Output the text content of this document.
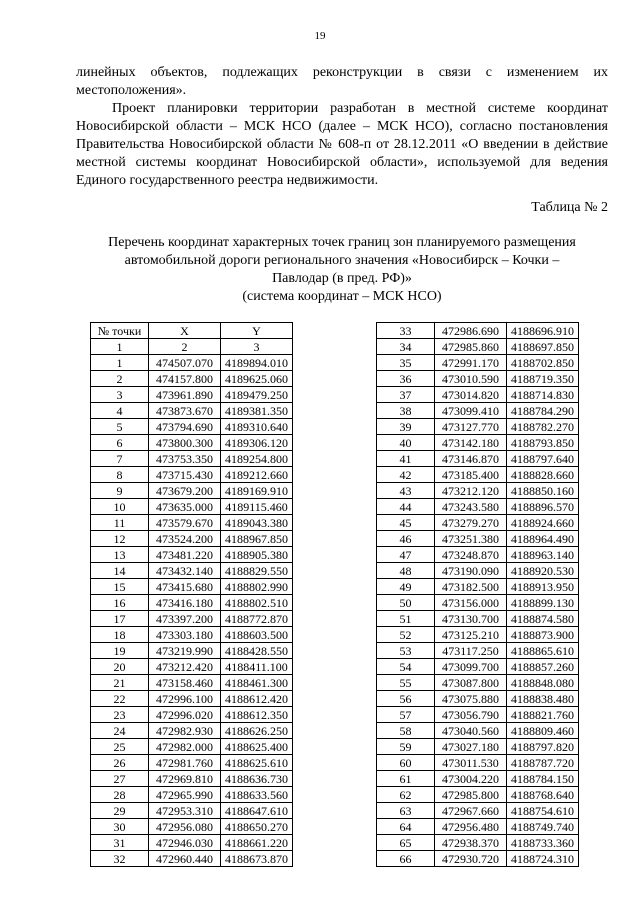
19

линейных объектов, подлежащих реконструкции в связи с изменением их местоположения».

Проект планировки территории разработан в местной системе координат Новосибирской области – МСК НСО (далее – МСК НСО), согласно постановления Правительства Новосибирской области № 608-п от 28.12.2011 «О введении в действие местной системы координат Новосибирской области», используемой для ведения Единого государственного реестра недвижимости.

Таблица № 2
Перечень координат характерных точек границ зон планируемого размещения
автомобильной дороги регионального значения «Новосибирск – Кочки –
Павлодар (в пред. РФ)»
(система координат – МСК НСО)
№ точки	X	Y
1	2	3
1	474507.070	4189894.010
2	474157.800	4189625.060
3	473961.890	4189479.250
4	473873.670	4189381.350
5	473794.690	4189310.640
6	473800.300	4189306.120
7	473753.350	4189254.800
8	473715.430	4189212.660
9	473679.200	4189169.910
10	473635.000	4189115.460
11	473579.670	4189043.380
12	473524.200	4188967.850
13	473481.220	4188905.380
14	473432.140	4188829.550
15	473415.680	4188802.990
16	473416.180	4188802.510
17	473397.200	4188772.870
18	473303.180	4188603.500
19	473219.990	4188428.550
20	473212.420	4188411.100
21	473158.460	4188461.300
22	472996.100	4188612.420
23	472996.020	4188612.350
24	472982.930	4188626.250
25	472982.000	4188625.400
26	472981.760	4188625.610
27	472969.810	4188636.730
28	472965.990	4188633.560
29	472953.310	4188647.610
30	472956.080	4188650.270
31	472946.030	4188661.220
32	472960.440	4188673.870
33	472986.690	4188696.910
34	472985.860	4188697.850
35	472991.170	4188702.850
36	473010.590	4188719.350
37	473014.820	4188714.830
38	473099.410	4188784.290
39	473127.770	4188782.270
40	473142.180	4188793.850
41	473146.870	4188797.640
42	473185.400	4188828.660
43	473212.120	4188850.160
44	473243.580	4188896.570
45	473279.270	4188924.660
46	473251.380	4188964.490
47	473248.870	4188963.140
48	473190.090	4188920.530
49	473182.500	4188913.950
50	473156.000	4188899.130
51	473130.700	4188874.580
52	473125.210	4188873.900
53	473117.250	4188865.610
54	473099.700	4188857.260
55	473087.800	4188848.080
56	473075.880	4188838.480
57	473056.790	4188821.760
58	473040.560	4188809.460
59	473027.180	4188797.820
60	473011.530	4188787.720
61	473004.220	4188784.150
62	472985.800	4188768.640
63	472967.660	4188754.610
64	472956.480	4188749.740
65	472938.370	4188733.360
66	472930.720	4188724.310
